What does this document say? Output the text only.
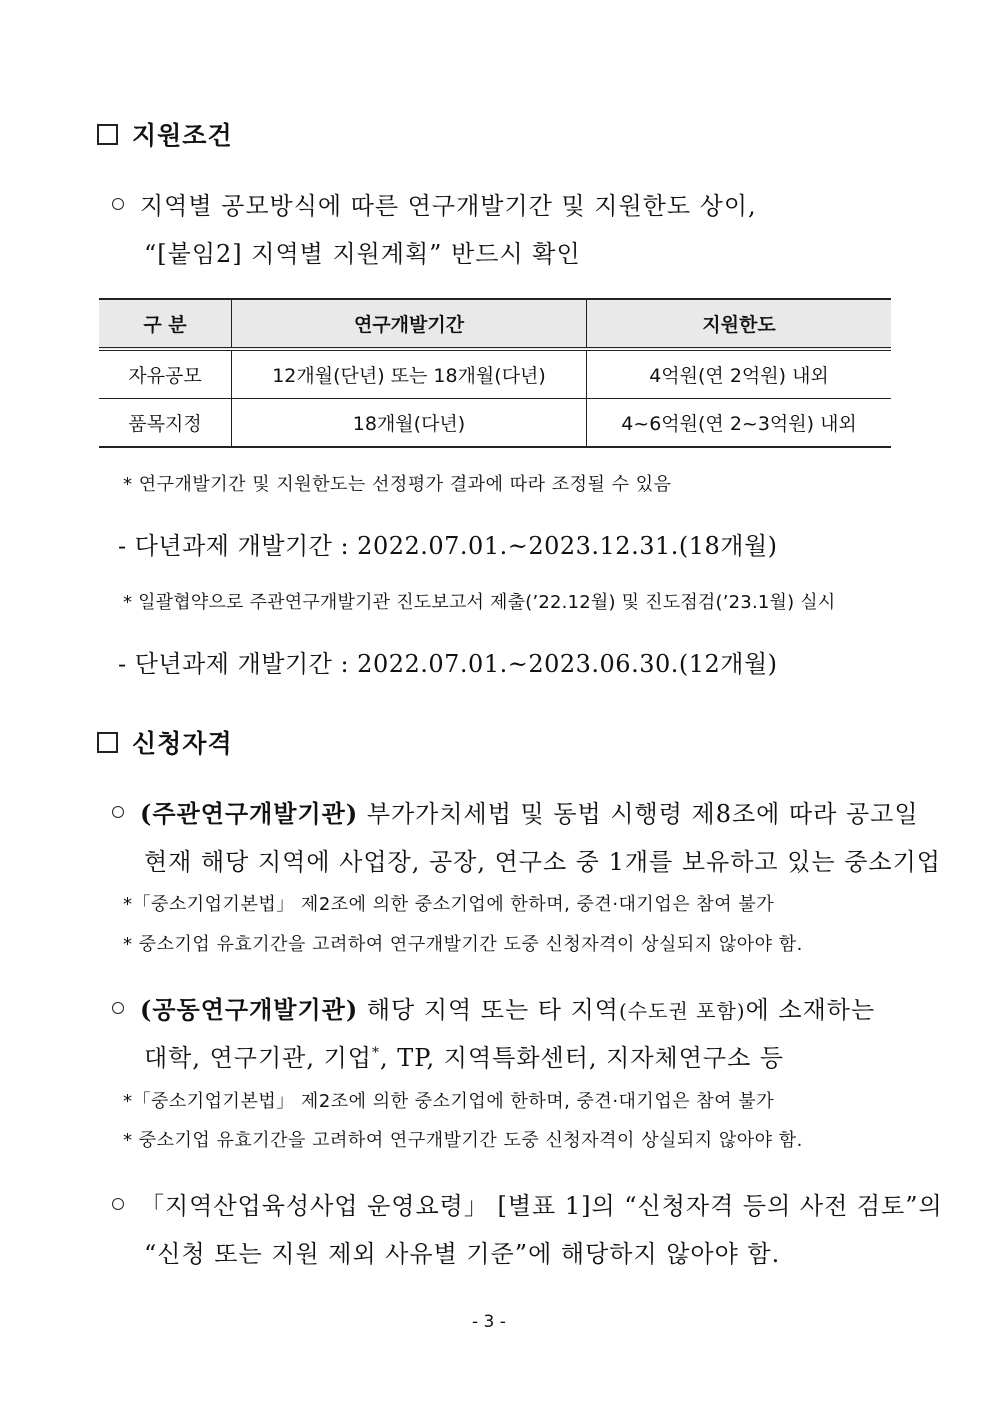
지원조건
지역별 공모방식에 따른 연구개발기간 및 지원한도 상이,
“[붙임2] 지역별 지원계획” 반드시 확인
구 분	연구개발기간	지원한도
자유공모	12개월(단년) 또는 18개월(다년)	4억원(연 2억원) 내외
품목지정	18개월(다년)	4~6억원(연 2~3억원) 내외
* 연구개발기간 및 지원한도는 선정평가 결과에 따라 조정될 수 있음
- 다년과제 개발기간 : 2022.07.01.~2023.12.31.(18개월)
* 일괄협약으로 주관연구개발기관 진도보고서 제출(’22.12월) 및 진도점검(’23.1월) 실시
- 단년과제 개발기간 : 2022.07.01.~2023.06.30.(12개월)
신청자격
(주관연구개발기관) 부가가치세법 및 동법 시행령 제8조에 따라 공고일
현재 해당 지역에 사업장, 공장, 연구소 중 1개를 보유하고 있는 중소기업
*「중소기업기본법」 제2조에 의한 중소기업에 한하며, 중견·대기업은 참여 불가
* 중소기업 유효기간을 고려하여 연구개발기간 도중 신청자격이 상실되지 않아야 함.
(공동연구개발기관) 해당 지역 또는 타 지역(수도권 포함)에 소재하는
대학, 연구기관, 기업*, TP, 지역특화센터, 지자체연구소 등
*「중소기업기본법」 제2조에 의한 중소기업에 한하며, 중견·대기업은 참여 불가
* 중소기업 유효기간을 고려하여 연구개발기간 도중 신청자격이 상실되지 않아야 함.
「지역산업육성사업 운영요령」 [별표 1]의 “신청자격 등의 사전 검토”의
“신청 또는 지원 제외 사유별 기준”에 해당하지 않아야 함.
- 3 -
